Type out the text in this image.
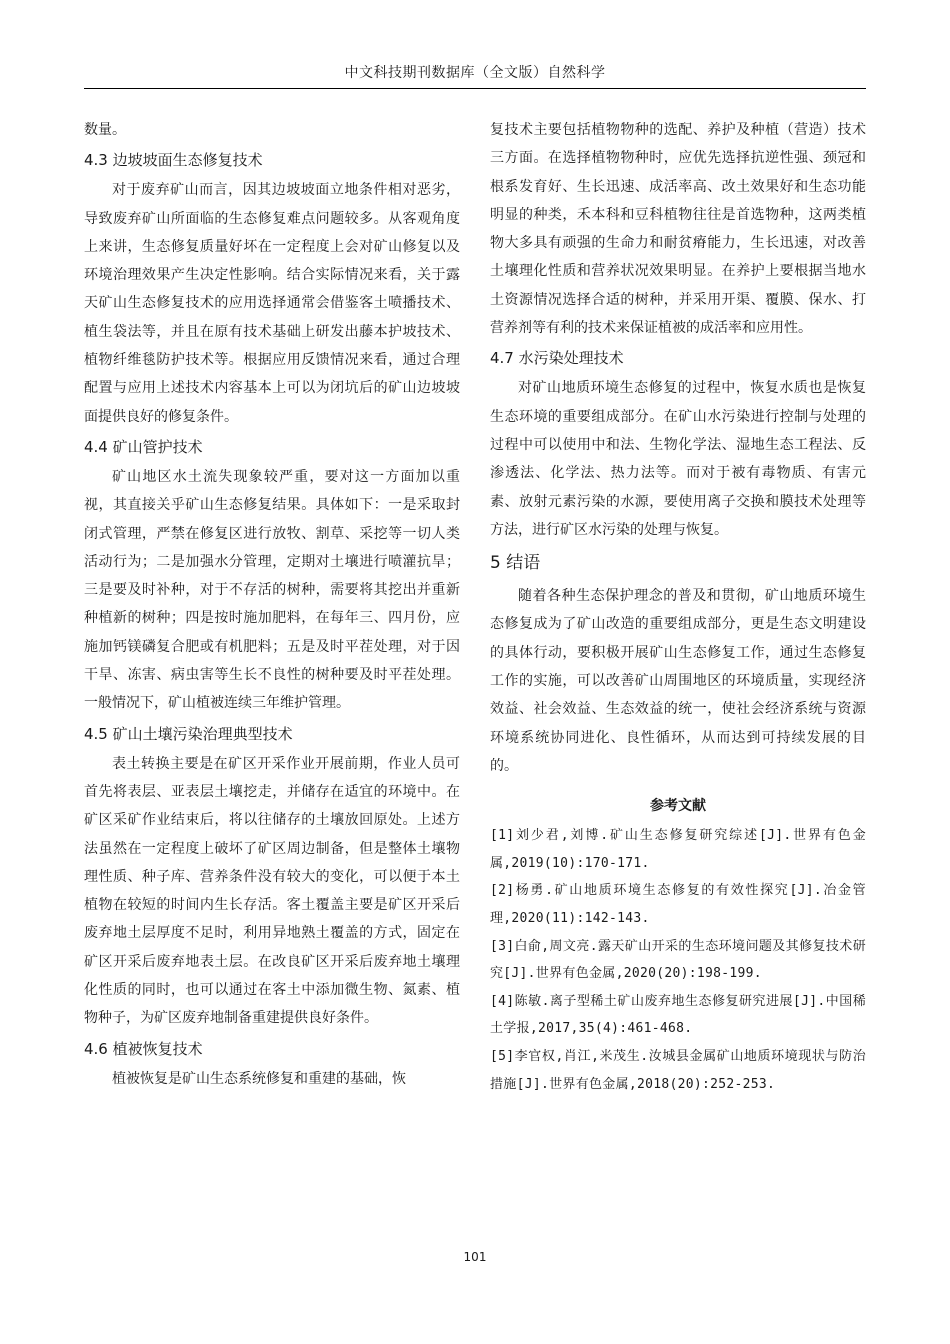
中文科技期刊数据库（全文版）自然科学

数量。

4.3 边坡坡面生态修复技术

对于废弃矿山而言，因其边坡坡面立地条件相对恶劣，导致废弃矿山所面临的生态修复难点问题较多。从客观角度上来讲，生态修复质量好坏在一定程度上会对矿山修复以及环境治理效果产生决定性影响。结合实际情况来看，关于露天矿山生态修复技术的应用选择通常会借鉴客土喷播技术、植生袋法等，并且在原有技术基础上研发出藤本护坡技术、植物纤维毯防护技术等。根据应用反馈情况来看，通过合理配置与应用上述技术内容基本上可以为闭坑后的矿山边坡坡面提供良好的修复条件。

4.4 矿山管护技术

矿山地区水土流失现象较严重，要对这一方面加以重视，其直接关乎矿山生态修复结果。具体如下：一是采取封闭式管理，严禁在修复区进行放牧、割草、采挖等一切人类活动行为；二是加强水分管理，定期对土壤进行喷灌抗旱；三是要及时补种，对于不存活的树种，需要将其挖出并重新种植新的树种；四是按时施加肥料，在每年三、四月份，应施加钙镁磷复合肥或有机肥料；五是及时平茬处理，对于因干旱、冻害、病虫害等生长不良性的树种要及时平茬处理。一般情况下，矿山植被连续三年维护管理。

4.5 矿山土壤污染治理典型技术

表土转换主要是在矿区开采作业开展前期，作业人员可首先将表层、亚表层土壤挖走，并储存在适宜的环境中。在矿区采矿作业结束后，将以往储存的土壤放回原处。上述方法虽然在一定程度上破坏了矿区周边制备，但是整体土壤物理性质、种子库、营养条件没有较大的变化，可以便于本土植物在较短的时间内生长存活。客土覆盖主要是矿区开采后废弃地土层厚度不足时，利用异地熟土覆盖的方式，固定在矿区开采后废弃地表土层。在改良矿区开采后废弃地土壤理化性质的同时，也可以通过在客土中添加微生物、氮素、植物种子，为矿区废弃地制备重建提供良好条件。

4.6 植被恢复技术

植被恢复是矿山生态系统修复和重建的基础，恢

复技术主要包括植物物种的选配、养护及种植（营造）技术三方面。在选择植物物种时，应优先选择抗逆性强、颈冠和根系发育好、生长迅速、成活率高、改土效果好和生态功能明显的种类，禾本科和豆科植物往往是首选物种，这两类植物大多具有顽强的生命力和耐贫瘠能力，生长迅速，对改善土壤理化性质和营养状况效果明显。在养护上要根据当地水土资源情况选择合适的树种，并采用开渠、覆膜、保水、打营养剂等有利的技术来保证植被的成活率和应用性。

4.7 水污染处理技术

对矿山地质环境生态修复的过程中，恢复水质也是恢复生态环境的重要组成部分。在矿山水污染进行控制与处理的过程中可以使用中和法、生物化学法、湿地生态工程法、反渗透法、化学法、热力法等。而对于被有毒物质、有害元素、放射元素污染的水源，要使用离子交换和膜技术处理等方法，进行矿区水污染的处理与恢复。

5 结语

随着各种生态保护理念的普及和贯彻，矿山地质环境生态修复成为了矿山改造的重要组成部分，更是生态文明建设的具体行动，要积极开展矿山生态修复工作，通过生态修复工作的实施，可以改善矿山周围地区的环境质量，实现经济效益、社会效益、生态效益的统一，使社会经济系统与资源环境系统协同进化、良性循环，从而达到可持续发展的目的。

参考文献

[1]刘少君,刘博.矿山生态修复研究综述[J].世界有色金属,2019(10):170-171.

[2]杨勇.矿山地质环境生态修复的有效性探究[J].冶金管理,2020(11):142-143.

[3]白俞,周文亮.露天矿山开采的生态环境问题及其修复技术研究[J].世界有色金属,2020(20):198-199.

[4]陈敏.离子型稀土矿山废弃地生态修复研究进展[J].中国稀土学报,2017,35(4):461-468.

[5]李官权,肖江,米茂生.汝城县金属矿山地质环境现状与防治措施[J].世界有色金属,2018(20):252-253.

101
